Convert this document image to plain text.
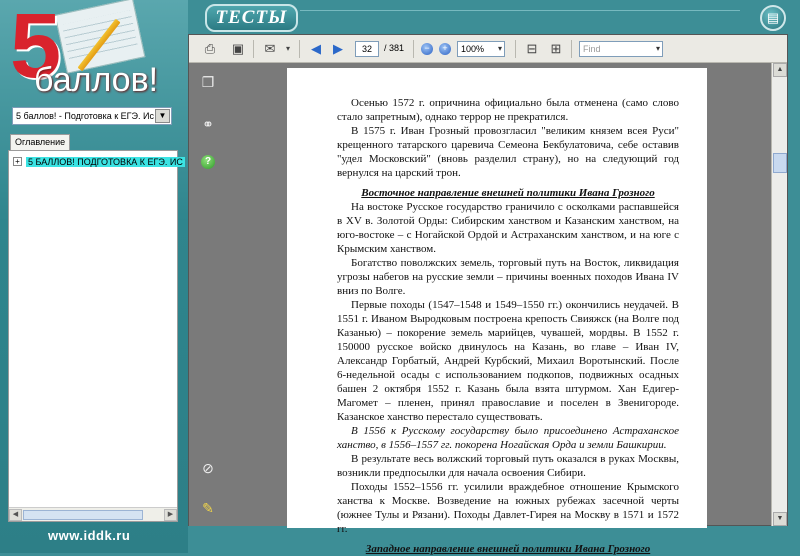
5
баллов!
5 баллов! - Подготовка к ЕГЭ. Ис ▼
Оглавление
+ 5 БАЛЛОВ! ПОДГОТОВКА К ЕГЭ. ИС
◀	▶
www.iddk.ru
ТЕСТЫ	▤
⎙ ▣ ✉	▾	◀ ▶	32	/ 381	−	+	100% ▾ ⊟ ⊞	Find	▾
❐
⚭
?
⊘
✎

Осенью 1572 г. опричнина официально была отменена (само слово стало запретным), однако террор не прекратился.

В 1575 г. Иван Грозный провозгласил "великим князем всея Руси" крещенного татарского царевича Семеона Бекбулатовича, себе оставив "удел Московский" (вновь разделил страну), но на следующий год вернулся на царский трон.

Восточное направление внешней политики Ивана Грозного

На востоке Русское государство граничило с осколками распавшейся в XV в. Золотой Орды: Сибирским ханством и Казанским ханством, на юго-востоке – с Ногайской Ордой и Астраханским ханством, и на юге с Крымским ханством.

Богатство поволжских земель, торговый путь на Восток, ликвидация угрозы набегов на русские земли – причины военных походов Ивана IV вниз по Волге.

Первые походы (1547–1548 и 1549–1550 гг.) окончились неудачей. В 1551 г. Иваном Выродковым построена крепость Свияжск (на Волге под Казанью) – покорение земель марийцев, чувашей, мордвы. В 1552 г. 150000 русское войско двинулось на Казань, во главе – Иван IV, Александр Горбатый, Андрей Курбский, Михаил Воротынский. После 6-недельной осады с использованием подкопов, подвижных осадных башен 2 октября 1552 г. Казань была взята штурмом. Хан Едигер-Магомет – пленен, принял православие и поселен в Звенигороде. Казанское ханство перестало существовать.

В 1556 к Русскому государству было присоединено Астраханское ханство, в 1556–1557 гг. покорена Ногайская Орда и земли Башкирии.

В результате весь волжский торговый путь оказался в руках Москвы, возникли предпосылки для начала освоения Сибири.

Походы 1552–1556 гг. усилили враждебное отношение Крымского ханства к Москве. Возведение на южных рубежах засечной черты (южнее Тулы и Рязани). Походы Давлет-Гирея на Москву в 1571 и 1572 гг.

Западное направление внешней политики Ивана Грозного

▲
▼
